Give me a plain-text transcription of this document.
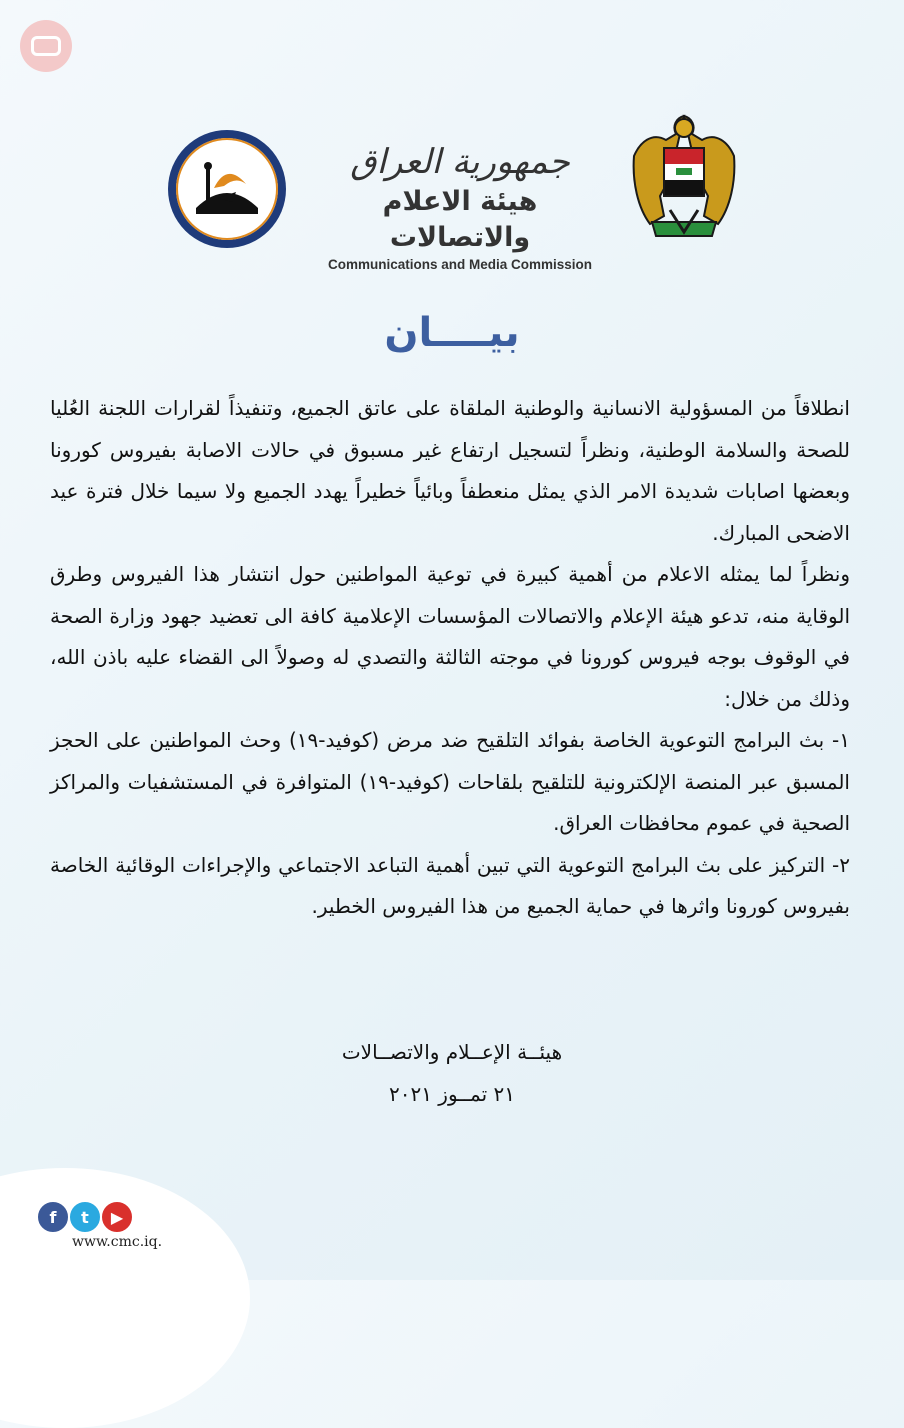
جمهورية العراق
هيئة الاعلام والاتصالات
Communications and Media Commission
بيــــان

انطلاقاً من المسؤولية الانسانية والوطنية الملقاة على عاتق الجميع، وتنفيذاً لقرارات اللجنة العُليا للصحة والسلامة الوطنية، ونظراً لتسجيل ارتفاع غير مسبوق في حالات الاصابة بفيروس كورونا وبعضها اصابات شديدة الامر الذي يمثل منعطفاً وبائياً خطيراً يهدد الجميع ولا سيما خلال فترة عيد الاضحى المبارك.

ونظراً لما يمثله الاعلام من أهمية كبيرة في توعية المواطنين حول انتشار هذا الفيروس وطرق الوقاية منه، تدعو هيئة الإعلام والاتصالات المؤسسات الإعلامية كافة الى تعضيد جهود وزارة الصحة في الوقوف بوجه فيروس كورونا في موجته الثالثة والتصدي له وصولاً الى القضاء عليه باذن الله، وذلك من خلال:

١- بث البرامج التوعوية الخاصة بفوائد التلقيح ضد مرض (كوفيد-١٩) وحث المواطنين على الحجز المسبق عبر المنصة الإلكترونية للتلقيح بلقاحات (كوفيد-١٩) المتوافرة في المستشفيات والمراكز الصحية في عموم محافظات العراق.

٢- التركيز على بث البرامج التوعوية التي تبين أهمية التباعد الاجتماعي والإجراءات الوقائية الخاصة بفيروس كورونا واثرها في حماية الجميع من هذا الفيروس الخطير.

هيئــة الإعــلام والاتصــالات
٢١ تمــوز ٢٠٢١
f	t	▶
www.cmc.iq.
